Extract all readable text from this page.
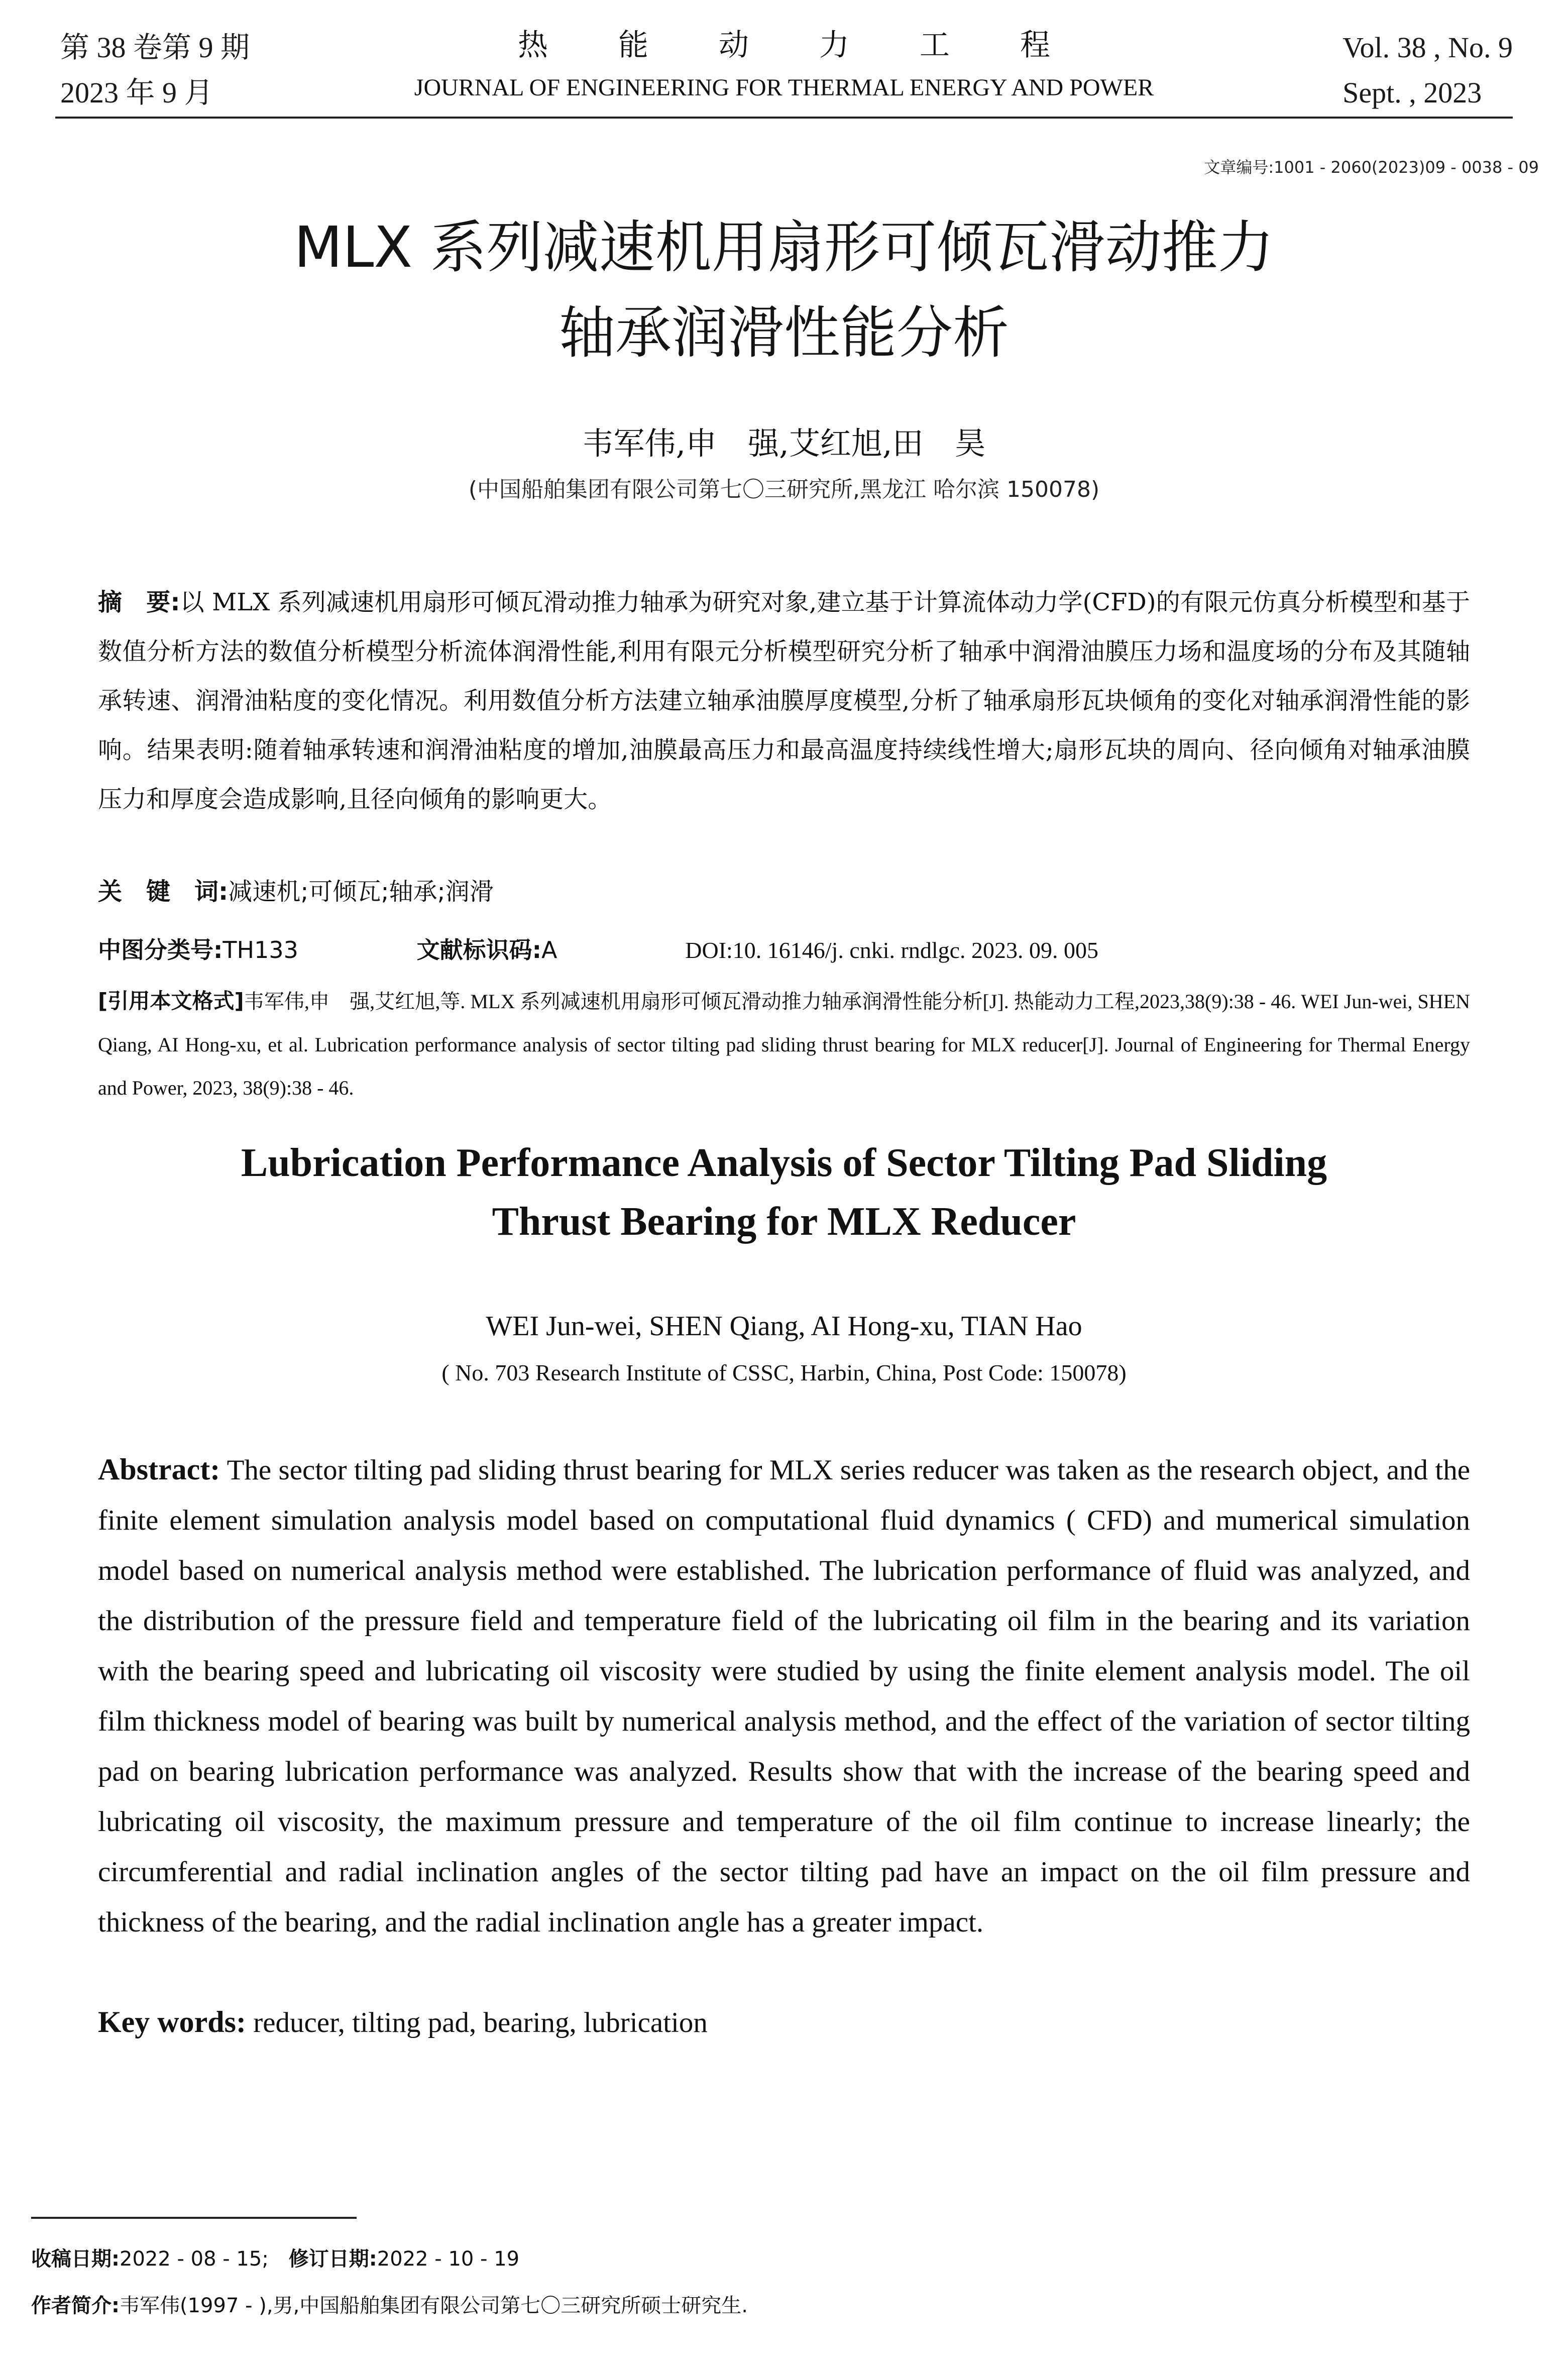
第 38 卷第 9 期
2023 年 9 月
热能动力工程
JOURNAL OF ENGINEERING FOR THERMAL ENERGY AND POWER
Vol. 38 , No. 9
Sept. , 2023
文章编号:1001 - 2060(2023)09 - 0038 - 09
MLX 系列减速机用扇形可倾瓦滑动推力
轴承润滑性能分析
韦军伟,申　强,艾红旭,田　昊
(中国船舶集团有限公司第七〇三研究所,黑龙江 哈尔滨 150078)
摘　要:以 MLX 系列减速机用扇形可倾瓦滑动推力轴承为研究对象,建立基于计算流体动力学(CFD)的有限元仿真分析模型和基于数值分析方法的数值分析模型分析流体润滑性能,利用有限元分析模型研究分析了轴承中润滑油膜压力场和温度场的分布及其随轴承转速、润滑油粘度的变化情况。利用数值分析方法建立轴承油膜厚度模型,分析了轴承扇形瓦块倾角的变化对轴承润滑性能的影响。结果表明:随着轴承转速和润滑油粘度的增加,油膜最高压力和最高温度持续线性增大;扇形瓦块的周向、径向倾角对轴承油膜压力和厚度会造成影响,且径向倾角的影响更大。
关　键　词:减速机;可倾瓦;轴承;润滑
中图分类号:TH133	文献标识码:A	DOI:10. 16146/j. cnki. rndlgc. 2023. 09. 005
[引用本文格式]韦军伟,申　强,艾红旭,等. MLX 系列减速机用扇形可倾瓦滑动推力轴承润滑性能分析[J]. 热能动力工程,2023,38(9):38 - 46. WEI Jun-wei, SHEN Qiang, AI Hong-xu, et al. Lubrication performance analysis of sector tilting pad sliding thrust bearing for MLX reducer[J]. Journal of Engineering for Thermal Energy and Power, 2023, 38(9):38 - 46.
Lubrication Performance Analysis of Sector Tilting Pad Sliding
Thrust Bearing for MLX Reducer
WEI Jun-wei, SHEN Qiang, AI Hong-xu, TIAN Hao
( No. 703 Research Institute of CSSC, Harbin, China, Post Code: 150078)
Abstract: The sector tilting pad sliding thrust bearing for MLX series reducer was taken as the research object, and the finite element simulation analysis model based on computational fluid dynamics ( CFD) and mumerical simulation model based on numerical analysis method were established. The lubrication performance of fluid was analyzed, and the distribution of the pressure field and temperature field of the lubricating oil film in the bearing and its variation with the bearing speed and lubricating oil viscosity were studied by using the finite element analysis model. The oil film thickness model of bearing was built by numerical analysis method, and the effect of the variation of sector tilting pad on bearing lubrication performance was analyzed. Results show that with the increase of the bearing speed and lubricating oil viscosity, the maximum pressure and temperature of the oil film continue to increase linearly; the circumferential and radial inclination angles of the sector tilting pad have an impact on the oil film pressure and thickness of the bearing, and the radial inclination angle has a greater impact.
Key words: reducer, tilting pad, bearing, lubrication
收稿日期:2022 - 08 - 15; 修订日期:2022 - 10 - 19
作者简介:韦军伟(1997 - ),男,中国船舶集团有限公司第七〇三研究所硕士研究生.
